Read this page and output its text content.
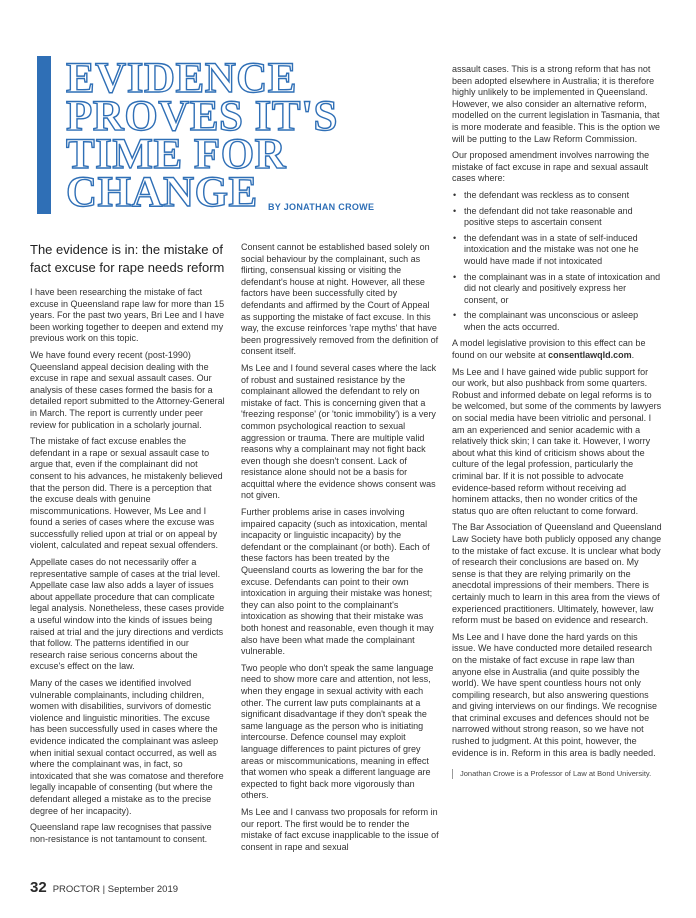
EVIDENCE
PROVES IT'S
TIME FOR
CHANGE	BY JONATHAN CROWE

The evidence is in: the mistake of fact excuse for rape needs reform

I have been researching the mistake of fact excuse in Queensland rape law for more than 15 years. For the past two years, Bri Lee and I have been working together to deepen and extend my previous work on this topic.

We have found every recent (post-1990) Queensland appeal decision dealing with the excuse in rape and sexual assault cases. Our analysis of these cases formed the basis for a detailed report submitted to the Attorney-General in March. The report is currently under peer review for publication in a scholarly journal.

The mistake of fact excuse enables the defendant in a rape or sexual assault case to argue that, even if the complainant did not consent to his advances, he mistakenly believed that the person did. There is a perception that the excuse deals with genuine miscommunications. However, Ms Lee and I found a series of cases where the excuse was successfully relied upon at trial or on appeal by violent, calculated and repeat sexual offenders.

Appellate cases do not necessarily offer a representative sample of cases at the trial level. Appellate case law also adds a layer of issues about appellate procedure that can complicate legal analysis. Nonetheless, these cases provide a useful window into the kinds of issues being raised at trial and the jury directions and verdicts that follow. The patterns identified in our research raise serious concerns about the excuse's effect on the law.

Many of the cases we identified involved vulnerable complainants, including children, women with disabilities, survivors of domestic violence and linguistic minorities. The excuse has been successfully used in cases where the evidence indicated the complainant was asleep when initial sexual contact occurred, as well as where the complainant was, in fact, so intoxicated that she was comatose and therefore legally incapable of consenting (but where the defendant alleged a mistake as to the precise degree of her incapacity).

Queensland rape law recognises that passive non-resistance is not tantamount to consent.

Consent cannot be established based solely on social behaviour by the complainant, such as flirting, consensual kissing or visiting the defendant's house at night. However, all these factors have been successfully cited by defendants and affirmed by the Court of Appeal as supporting the mistake of fact excuse. In this way, the excuse reinforces 'rape myths' that have been progressively removed from the definition of consent itself.

Ms Lee and I found several cases where the lack of robust and sustained resistance by the complainant allowed the defendant to rely on mistake of fact. This is concerning given that a 'freezing response' (or 'tonic immobility') is a very common psychological reaction to sexual aggression or trauma. There are multiple valid reasons why a complainant may not fight back even though she doesn't consent. Lack of resistance alone should not be a basis for acquittal where the evidence shows consent was not given.

Further problems arise in cases involving impaired capacity (such as intoxication, mental incapacity or linguistic incapacity) by the defendant or the complainant (or both). Each of these factors has been treated by the Queensland courts as lowering the bar for the excuse. Defendants can point to their own intoxication in arguing their mistake was honest; they can also point to the complainant's intoxication as showing that their mistake was both honest and reasonable, even though it may also have been what made the complainant vulnerable.

Two people who don't speak the same language need to show more care and attention, not less, when they engage in sexual activity with each other. The current law puts complainants at a significant disadvantage if they don't speak the same language as the person who is initiating intercourse. Defence counsel may exploit language differences to paint pictures of grey areas or miscommunications, meaning in effect that women who speak a different language are expected to fight back more vigorously than others.

Ms Lee and I canvass two proposals for reform in our report. The first would be to render the mistake of fact excuse inapplicable to the issue of consent in rape and sexual

assault cases. This is a strong reform that has not been adopted elsewhere in Australia; it is therefore highly unlikely to be implemented in Queensland. However, we also consider an alternative reform, modelled on the current legislation in Tasmania, that is more moderate and feasible. This is the option we will be putting to the Law Reform Commission.

Our proposed amendment involves narrowing the mistake of fact excuse in rape and sexual assault cases where:

• the defendant was reckless as to consent
• the defendant did not take reasonable and positive steps to ascertain consent
• the defendant was in a state of self-induced intoxication and the mistake was not one he would have made if not intoxicated
• the complainant was in a state of intoxication and did not clearly and positively express her consent, or
• the complainant was unconscious or asleep when the acts occurred.

A model legislative provision to this effect can be found on our website at consentlawqld.com.

Ms Lee and I have gained wide public support for our work, but also pushback from some quarters. Robust and informed debate on legal reforms is to be welcomed, but some of the comments by lawyers on social media have been vitriolic and personal. I am an experienced and senior academic with a relatively thick skin; I can take it. However, I worry about what this kind of criticism shows about the culture of the legal profession, particularly the criminal bar. If it is not possible to advocate evidence-based reform without receiving ad hominem attacks, then no wonder critics of the status quo are often reluctant to come forward.

The Bar Association of Queensland and Queensland Law Society have both publicly opposed any change to the mistake of fact excuse. It is unclear what body of research their conclusions are based on. My sense is that they are relying primarily on the anecdotal impressions of their members. There is certainly much to learn in this area from the views of experienced practitioners. Ultimately, however, law reform must be based on evidence and research.

Ms Lee and I have done the hard yards on this issue. We have conducted more detailed research on the mistake of fact excuse in rape law than anyone else in Australia (and quite possibly the world). We have spent countless hours not only compiling research, but also answering questions and giving interviews on our findings. We recognise that criminal excuses and defences should not be narrowed without strong reason, so we have not rushed to judgment. At this point, however, the evidence is in. Reform in this area is badly needed.

Jonathan Crowe is a Professor of Law at Bond University.
32 PROCTOR | September 2019
